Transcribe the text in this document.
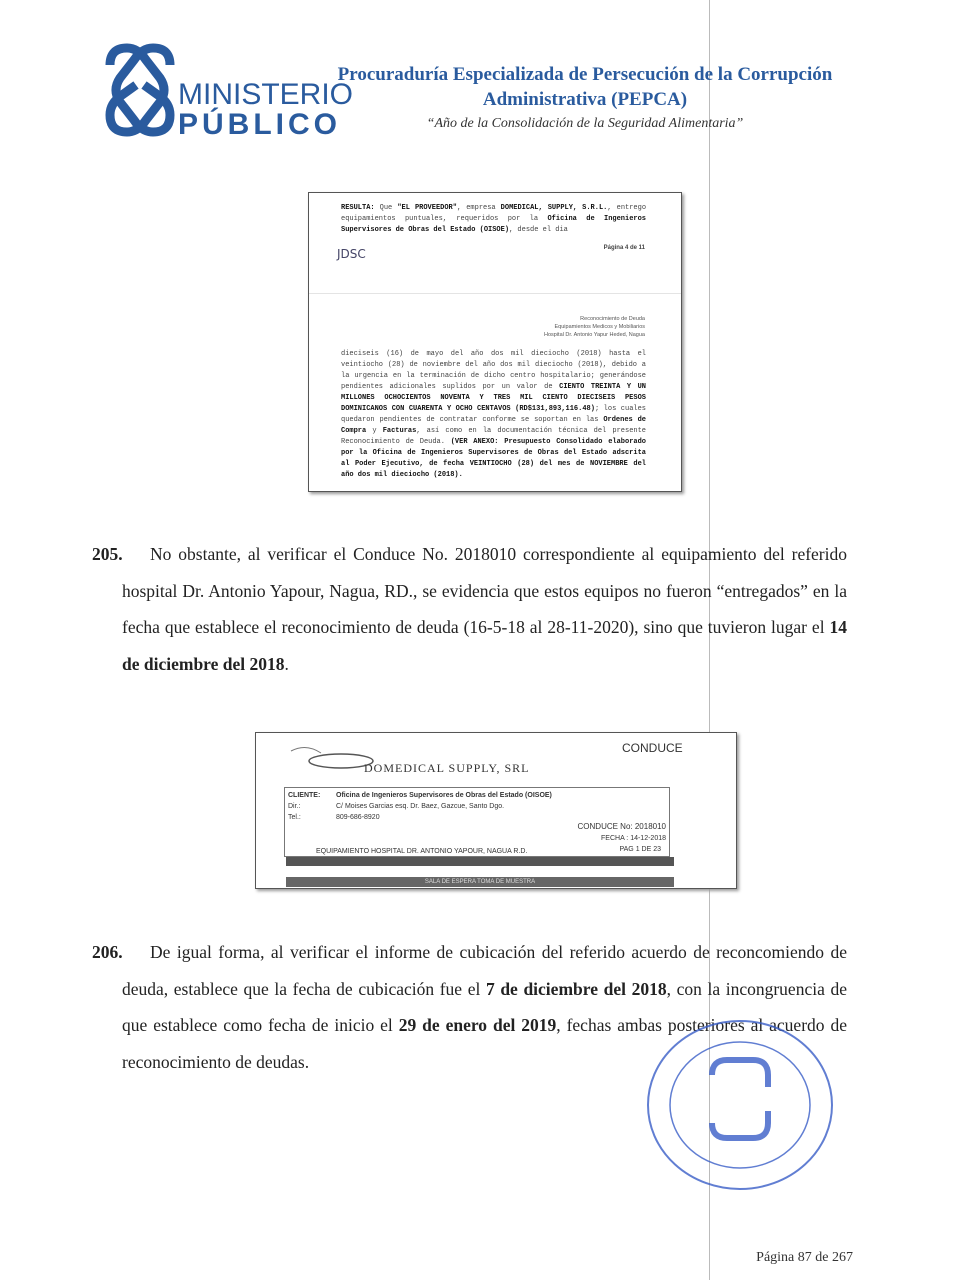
MINISTERIO
PÚBLICO
Procuraduría Especializada de Persecución de la Corrupción
Administrativa (PEPCA)
“Año de la Consolidación de la Seguridad Alimentaria”
RESULTA: Que "EL PROVEEDOR", empresa DOMEDICAL, SUPPLY, S.R.L., entrego equipamientos puntuales, requeridos por la Oficina de Ingenieros Supervisores de Obras del Estado (OISOE), desde el dia
Página 4 de 11
JDSC
Reconocimiento de Deuda
Equipamientos Medicos y Mobiliarios
Hospital Dr. Antonio Yapur Heded, Nagua
dieciseis (16) de mayo del año dos mil dieciocho (2018) hasta el veintiocho (28) de noviembre del año dos mil dieciocho (2018), debido a la urgencia en la terminación de dicho centro hospitalario; generándose pendientes adicionales suplidos por un valor de CIENTO TREINTA Y UN MILLONES OCHOCIENTOS NOVENTA Y TRES MIL CIENTO DIECISEIS PESOS DOMINICANOS CON CUARENTA Y OCHO CENTAVOS (RD$131,893,116.48); los cuales quedaron pendientes de contratar conforme se soportan en las Ordenes de Compra y Facturas, así como en la documentación técnica del presente Reconocimiento de Deuda. (VER ANEXO: Presupuesto Consolidado elaborado por la Oficina de Ingenieros Supervisores de Obras del Estado adscrita al Poder Ejecutivo, de fecha VEINTIOCHO (28) del mes de NOVIEMBRE del año dos mil dieciocho (2018).
205. No obstante, al verificar el Conduce No. 2018010 correspondiente al equipamiento del referido hospital Dr. Antonio Yapour, Nagua, RD., se evidencia que estos equipos no fueron “entregados” en la fecha que establece el reconocimiento de deuda (16-5-18 al 28-11-2020), sino que tuvieron lugar el 14 de diciembre del 2018.
DOMEDICAL SUPPLY, SRL
CONDUCE
CLIENTE: Oficina de Ingenieros Supervisores de Obras del Estado (OISOE)
Dir.:	C/ Moises Garcias esq. Dr. Baez, Gazcue, Santo Dgo.
Tel.:	809-686-8920
CONDUCE No: 2018010
FECHA : 14-12-2018
EQUIPAMIENTO HOSPITAL DR. ANTONIO YAPOUR, NAGUA R.D.	PAG 1 DE 23
SALA DE ESPERA TOMA DE MUESTRA
206. De igual forma, al verificar el informe de cubicación del referido acuerdo de reconcomiendo de deuda, establece que la fecha de cubicación fue el 7 de diciembre del 2018, con la incongruencia de que establece como fecha de inicio el 29 de enero del 2019, fechas ambas posteriores al acuerdo de reconocimiento de deudas.
Página 87 de 267
